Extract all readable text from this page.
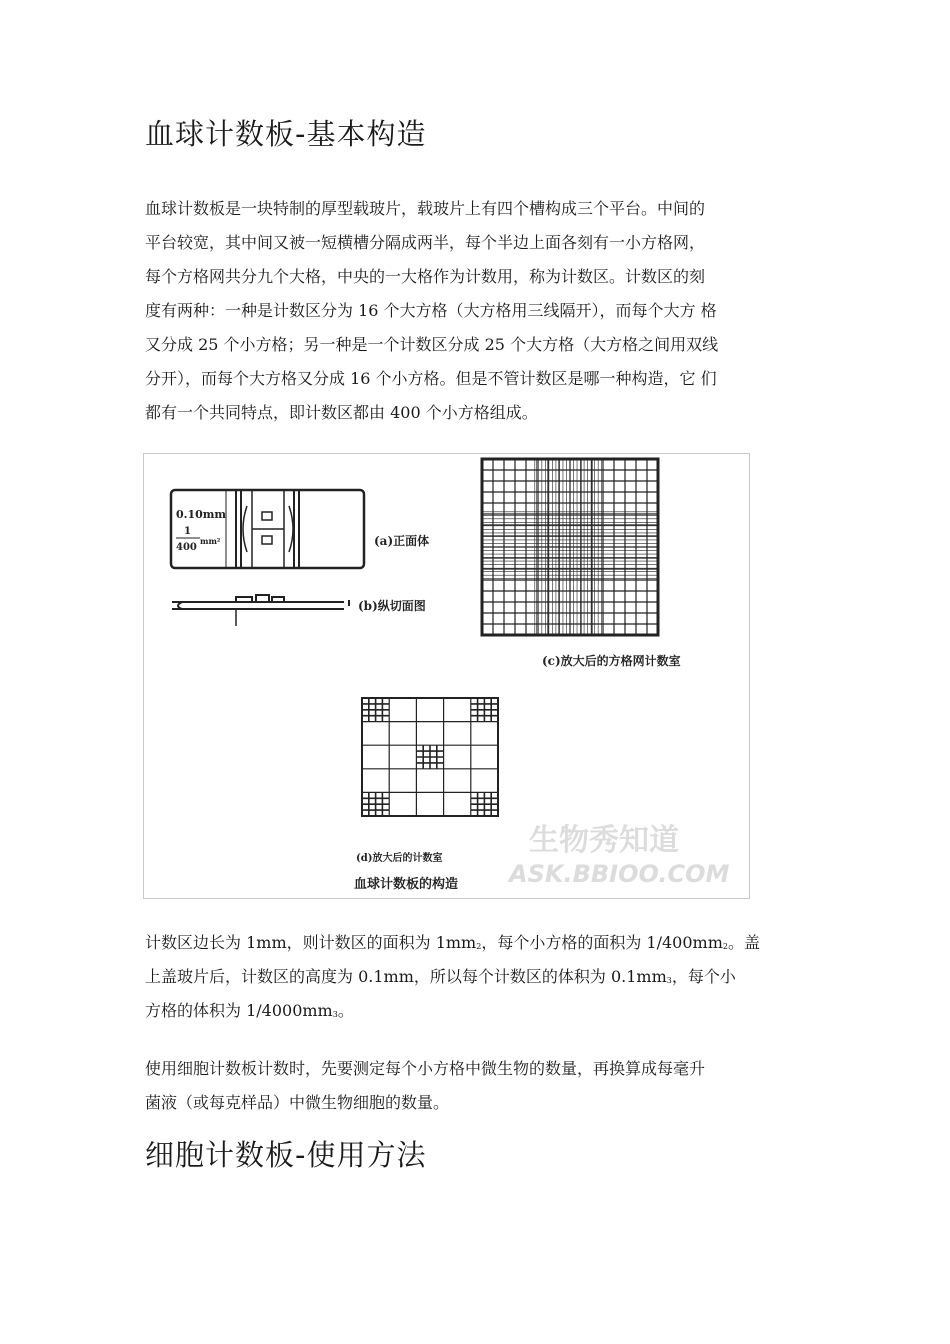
血球计数板-基本构造
血球计数板是一块特制的厚型载玻片，载玻片上有四个槽构成三个平台。中间的
平台较宽，其中间又被一短横槽分隔成两半，每个半边上面各刻有一小方格网，
每个方格网共分九个大格，中央的一大格作为计数用，称为计数区。计数区的刻
度有两种：一种是计数区分为 16 个大方格（大方格用三线隔开），而每个大方 格
又分成 25 个小方格；另一种是一个计数区分成 25 个大方格（大方格之间用双线
分开），而每个大方格又分成 16 个小方格。但是不管计数区是哪一种构造，它 们
都有一个共同特点，即计数区都由 400 个小方格组成。
0.10mm
1
400
mm²	(a)正面体
(b)纵切面图
(c)放大后的方格网计数室
(d)放大后的计数室
血球计数板的构造
生物秀知道
ASK.BBIOO.COM
计数区边长为 1mm，则计数区的面积为 1mm2，每个小方格的面积为 1/400mm2。盖
上盖玻片后，计数区的高度为 0.1mm，所以每个计数区的体积为 0.1mm3，每个小
方格的体积为 1/4000mm3。
使用细胞计数板计数时，先要测定每个小方格中微生物的数量，再换算成每毫升
菌液（或每克样品）中微生物细胞的数量。
细胞计数板-使用方法
